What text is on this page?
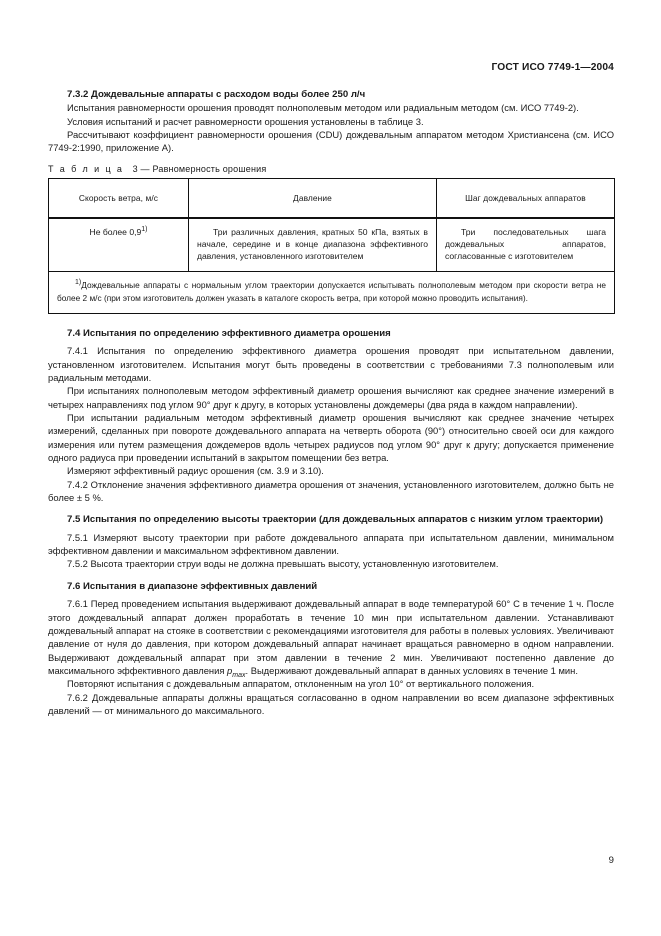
ГОСТ ИСО 7749-1—2004
7.3.2 Дождевальные аппараты с расходом воды более 250 л/ч

Испытания равномерности орошения проводят полнополевым методом или радиальным методом (см. ИСО 7749-2).

Условия испытаний и расчет равномерности орошения установлены в таблице 3.

Рассчитывают коэффициент равномерности орошения (CDU) дождевальным аппаратом методом Христиансена (см. ИСО 7749-2:1990, приложение А).

Т а б л и ц а 3 — Равномерность орошения

Скорость ветра, м/с	Давление	Шаг дождевальных аппаратов
Не более 0,9$^{1)}$	Три различных давления, кратных 50 кПа, взятых в начале, середине и в конце диапазона эффективного давления, установленного изготовителем	Три последовательных шага дождевальных аппаратов, согласованные с изготовителем
$^{1)}$Дождевальные аппараты с нормальным углом траектории допускается испытывать полнополевым методом при скорости ветра не более 2 м/с (при этом изготовитель должен указать в каталоге скорость ветра, при которой можно проводить испытания).		
7.4 Испытания по определению эффективного диаметра орошения

7.4.1 Испытания по определению эффективного диаметра орошения проводят при испытательном давлении, установленном изготовителем. Испытания могут быть проведены в соответствии с требованиями 7.3 полнополевым или радиальным методами.

При испытаниях полнополевым методом эффективный диаметр орошения вычисляют как среднее значение измерений в четырех направлениях под углом 90° друг к другу, в которых установлены дождемеры (два ряда в каждом направлении).

При испытании радиальным методом эффективный диаметр орошения вычисляют как среднее значение четырех измерений, сделанных при повороте дождевального аппарата на четверть оборота (90°) относительно своей оси для каждого измерения или путем размещения дождемеров вдоль четырех радиусов под углом 90° друг к другу; допускается применение одного радиуса при проведении испытаний в закрытом помещении без ветра.

Измеряют эффективный радиус орошения (см. 3.9 и 3.10).

7.4.2 Отклонение значения эффективного диаметра орошения от значения, установленного изготовителем, должно быть не более ± 5 %.

7.5 Испытания по определению высоты траектории (для дождевальных аппаратов с низким углом траектории)

7.5.1 Измеряют высоту траектории при работе дождевального аппарата при испытательном давлении, минимальном эффективном давлении и максимальном эффективном давлении.

7.5.2 Высота траектории струи воды не должна превышать высоту, установленную изготовителем.

7.6 Испытания в диапазоне эффективных давлений

7.6.1 Перед проведением испытания выдерживают дождевальный аппарат в воде температурой 60° С в течение 1 ч. После этого дождевальный аппарат должен проработать в течение 10 мин при испытательном давлении. Устанавливают дождевальный аппарат на стояке в соответствии с рекомендациями изготовителя для работы в полевых условиях. Увеличивают давление от нуля до давления, при котором дождевальный аппарат начинает вращаться равномерно в одном направлении. Выдерживают дождевальный аппарат при этом давлении в течение 2 мин. Увеличивают постепенно давление до максимального эффективного давления $p_{max}$. Выдерживают дождевальный аппарат в данных условиях в течение 1 мин.

Повторяют испытания с дождевальным аппаратом, отклоненным на угол 10° от вертикального положения.

7.6.2 Дождевальные аппараты должны вращаться согласованно в одном направлении во всем диапазоне эффективных давлений — от минимального до максимального.

9
